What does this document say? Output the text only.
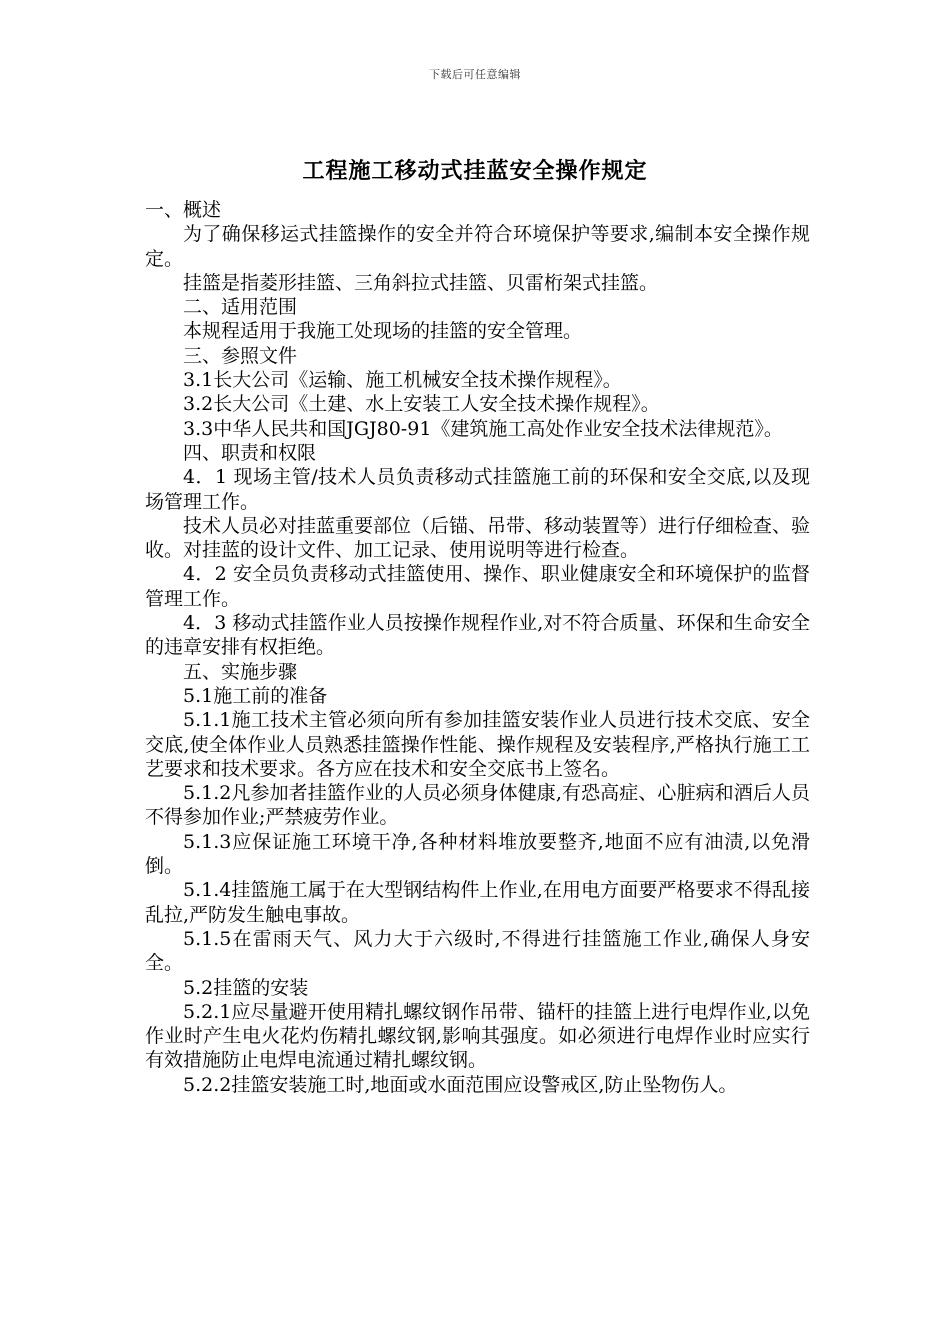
下载后可任意编辑
工程施工移动式挂蓝安全操作规定

一、概述

为了确保移运式挂篮操作的安全并符合环境保护等要求,编制本安全操作规定。

挂篮是指菱形挂篮、三角斜拉式挂篮、贝雷桁架式挂篮。

二、适用范围

本规程适用于我施工处现场的挂篮的安全管理。

三、参照文件

3.1长大公司《运输、施工机械安全技术操作规程》。

3.2长大公司《土建、水上安装工人安全技术操作规程》。

3.3中华人民共和国JGJ80-91《建筑施工高处作业安全技术法律规范》。

四、职责和权限

4．1 现场主管/技术人员负责移动式挂篮施工前的环保和安全交底,以及现场管理工作。

技术人员必对挂蓝重要部位（后锚、吊带、移动装置等）进行仔细检查、验收。对挂蓝的设计文件、加工记录、使用说明等进行检查。

4．2 安全员负责移动式挂篮使用、操作、职业健康安全和环境保护的监督管理工作。

4．3 移动式挂篮作业人员按操作规程作业,对不符合质量、环保和生命安全的违章安排有权拒绝。

五、实施步骤

5.1施工前的准备

5.1.1施工技术主管必须向所有参加挂篮安装作业人员进行技术交底、安全交底,使全体作业人员熟悉挂篮操作性能、操作规程及安装程序,严格执行施工工艺要求和技术要求。各方应在技术和安全交底书上签名。

5.1.2凡参加者挂篮作业的人员必须身体健康,有恐高症、心脏病和酒后人员不得参加作业;严禁疲劳作业。

5.1.3应保证施工环境干净,各种材料堆放要整齐,地面不应有油渍,以免滑倒。

5.1.4挂篮施工属于在大型钢结构件上作业,在用电方面要严格要求不得乱接乱拉,严防发生触电事故。

5.1.5在雷雨天气、风力大于六级时,不得进行挂篮施工作业,确保人身安全。

5.2挂篮的安装

5.2.1应尽量避开使用精扎螺纹钢作吊带、锚杆的挂篮上进行电焊作业,以免作业时产生电火花灼伤精扎螺纹钢,影响其强度。如必须进行电焊作业时应实行有效措施防止电焊电流通过精扎螺纹钢。

5.2.2挂篮安装施工时,地面或水面范围应设警戒区,防止坠物伤人。
